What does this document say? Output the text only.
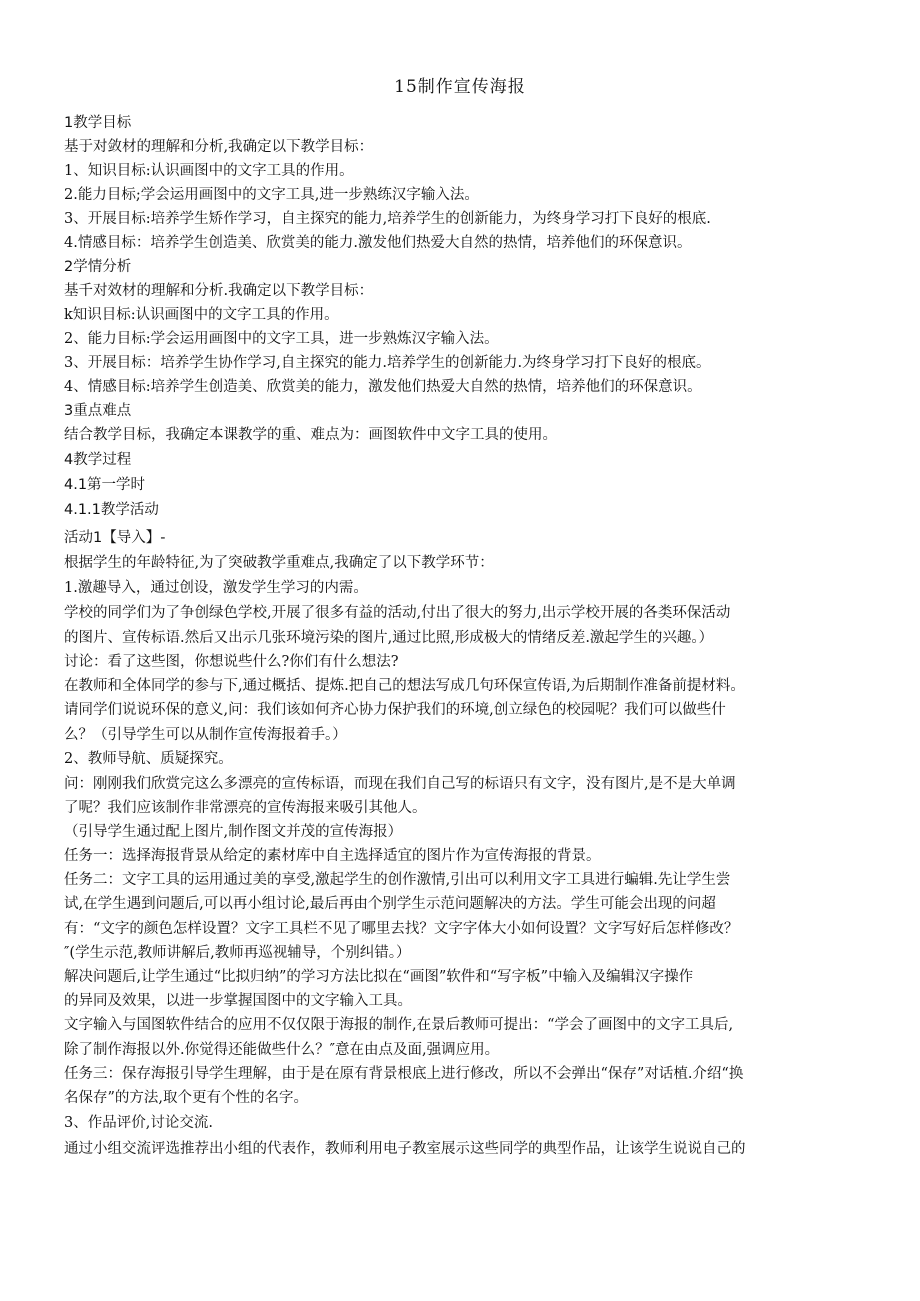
15制作宣传海报
1教学目标
基于对敛材的理解和分析,我确定以下教学目标：
1、知识目标:认识画图中的文字工具的作用。
2.能力目标;学会运用画图中的文字工具,进一步熟练汉字输入法。
3、开展目标:培养学生矫作学习，自主探究的能力,培养学生的创新能力，为终身学习打下良好的根底.
4.情感目标：培养学生创造美、欣赏美的能力.激发他们热爱大自然的热情，培养他们的环保意识。
2学情分析
基千对效材的理解和分析.我确定以下教学目标：
k知识目标:认识画图中的文字工具的作用。
2、能力目标:学会运用画图中的文字工具，进一步熟炼汉字输入法。
3、开展目标：培养学生协作学习,自主探究的能力.培养学生的创新能力.为终身学习打下良好的根底。
4、情感目标:培养学生创造美、欣赏美的能力，激发他们热爱大自然的热情，培养他们的环保意识。
3重点难点
结合教学目标，我确定本课教学的重、难点为：画图软件中文字工具的使用。
4教学过程
4.1第一学时
4.1.1教学活动
活动1【导入】-
根据学生的年龄特征,为了突破教学重难点,我确定了以下教学环节：
1.激趣导入，通过创设，激发学生学习的内需。
学校的同学们为了争创绿色学校,开展了很多有益的活动,付出了很大的努力,出示学校开展的各类环保活动
的图片、宣传标语.然后又出示几张环境污染的图片,通过比照,形成极大的情绪反差.激起学生的兴趣。）
讨论：看了这些图，你想说些什么?你们有什么想法?
在教师和全体同学的参与下,通过概括、提炼.把自己的想法写成几句环保宣传语,为后期制作准备前提材料。
请同学们说说环保的意义,问：我们该如何齐心协力保护我们的环境,创立绿色的校园呢？我们可以做些什
么？（引导学生可以从制作宣传海报着手。）
2、教师导航、质疑探究。
问：刚刚我们欣赏完这么多漂亮的宣传标语，而现在我们自己写的标语只有文字，没有图片,是不是大单调
了呢？我们应该制作非常漂亮的宣传海报来吸引其他人。
（引导学生通过配上图片,制作图文并茂的宣传海报）
任务一：选择海报背景从给定的素材库中自主选择适宜的图片作为宣传海报的背景。
任务二：文字工具的运用通过美的享受,激起学生的创作激情,引出可以利用文字工具进行蝙辑.先让学生尝
试,在学生遇到问题后,可以再小组讨论,最后再由个别学生示范问题解决的方法。学生可能会出现的问超
有：“文字的颜色怎样设置？文字工具栏不见了哪里去找？文字字体大小如何设置？文字写好后怎样修改？
″(学生示范,教师讲解后,教师再巡视辅导，个别纠错。）
解决问题后,让学生通过“比拟归纳”的学习方法比拟在“画图”软件和“写字板”中输入及编辑汉字操作
的异同及效果，以进一步掌握国图中的文字输入工具。
文字输入与国图软件结合的应用不仅仅限于海报的制作,在景后教师可提出：“学会了画图中的文字工具后,
除了制作海报以外.你觉得还能做些什么？″意在由点及面,强调应用。
任务三：保存海报引导学生理解，由于是在原有背景根底上进行修改，所以不会弹出“保存”对话植.介绍“换
名保存”的方法,取个更有个性的名字。
3、作品评价,讨论交流.
通过小组交流评选推荐出小组的代表作，教师利用电子教室展示这些同学的典型作品，让该学生说说自己的
